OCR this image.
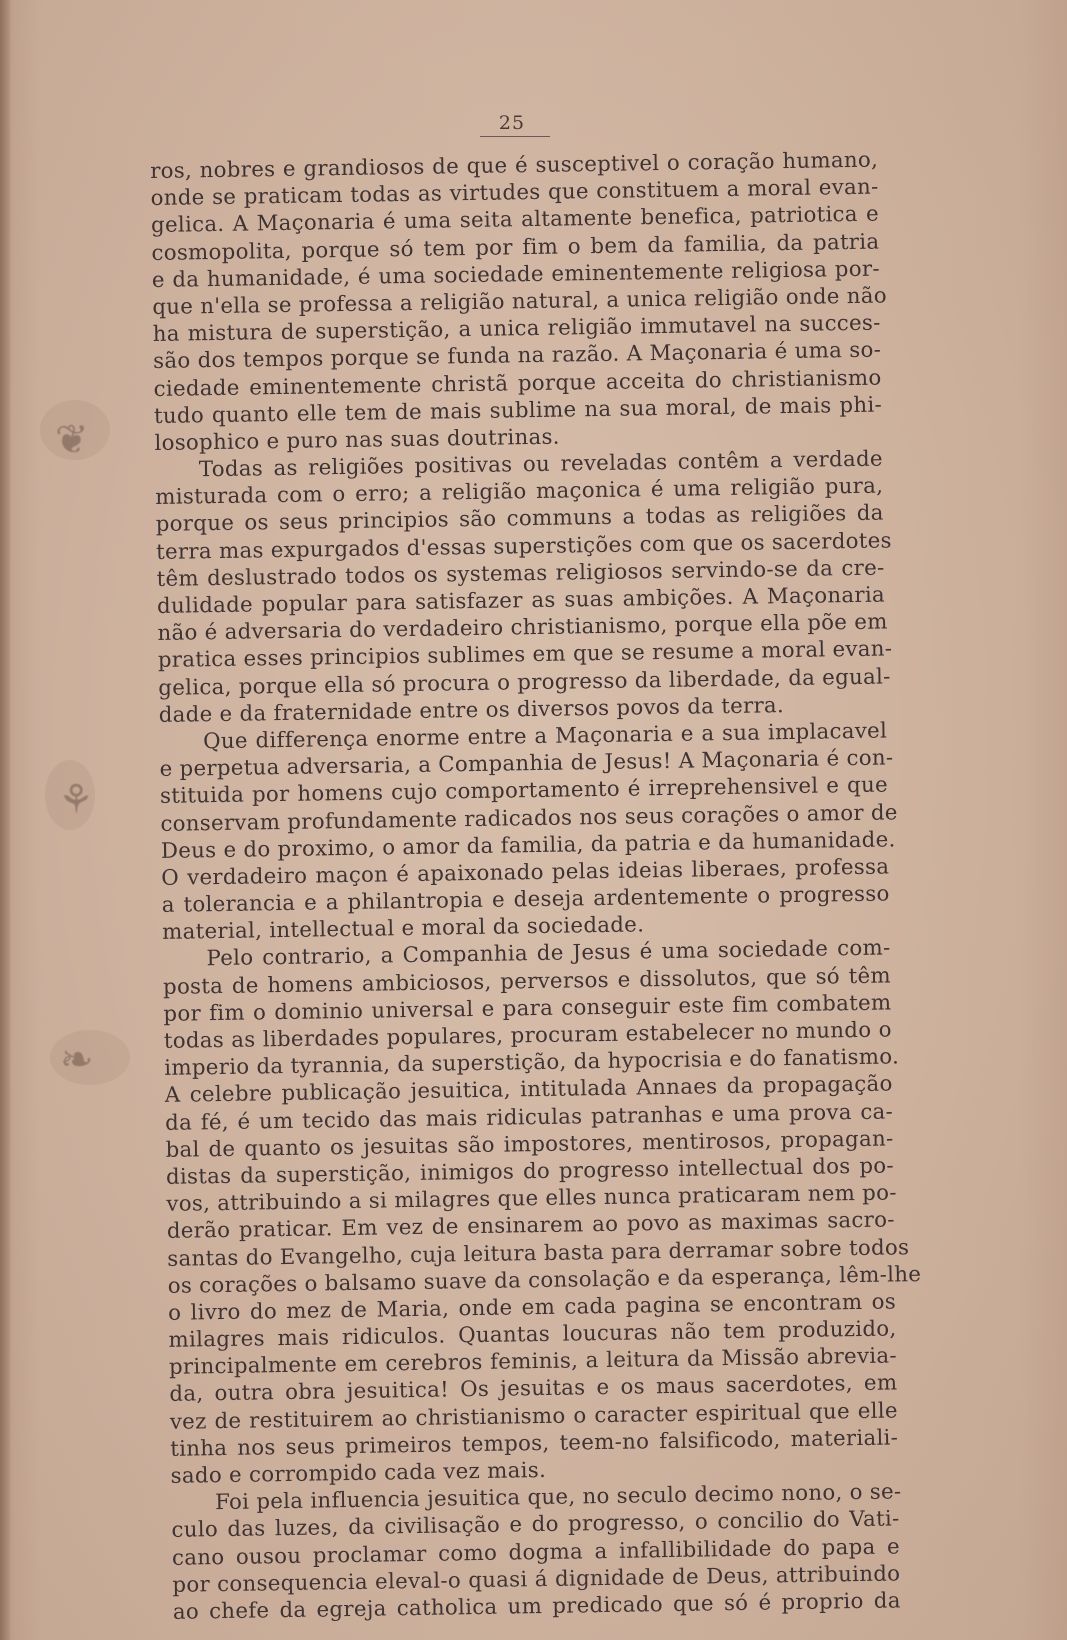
❦
⚘
❧
25
ros, nobres e grandiosos de que é susceptivel o coração humano,
onde se praticam todas as virtudes que constituem a moral evan-
gelica. A Maçonaria é uma seita altamente benefica, patriotica e
cosmopolita, porque só tem por fim o bem da familia, da patria
e da humanidade, é uma sociedade eminentemente religiosa por-
que n'ella se professa a religião natural, a unica religião onde não
ha mistura de superstição, a unica religião immutavel na succes-
são dos tempos porque se funda na razão. A Maçonaria é uma so-
ciedade eminentemente christã porque acceita do christianismo
tudo quanto elle tem de mais sublime na sua moral, de mais phi-
losophico e puro nas suas doutrinas.
Todas as religiões positivas ou reveladas contêm a verdade
misturada com o erro; a religião maçonica é uma religião pura,
porque os seus principios são communs a todas as religiões da
terra mas expurgados d'essas superstições com que os sacerdotes
têm deslustrado todos os systemas religiosos servindo-se da cre-
dulidade popular para satisfazer as suas ambições. A Maçonaria
não é adversaria do verdadeiro christianismo, porque ella põe em
pratica esses principios sublimes em que se resume a moral evan-
gelica, porque ella só procura o progresso da liberdade, da egual-
dade e da fraternidade entre os diversos povos da terra.
Que differença enorme entre a Maçonaria e a sua implacavel
e perpetua adversaria, a Companhia de Jesus! A Maçonaria é con-
stituida por homens cujo comportamento é irreprehensivel e que
conservam profundamente radicados nos seus corações o amor de
Deus e do proximo, o amor da familia, da patria e da humanidade.
O verdadeiro maçon é apaixonado pelas ideias liberaes, professa
a tolerancia e a philantropia e deseja ardentemente o progresso
material, intellectual e moral da sociedade.
Pelo contrario, a Companhia de Jesus é uma sociedade com-
posta de homens ambiciosos, perversos e dissolutos, que só têm
por fim o dominio universal e para conseguir este fim combatem
todas as liberdades populares, procuram estabelecer no mundo o
imperio da tyrannia, da superstição, da hypocrisia e do fanatismo.
A celebre publicação jesuitica, intitulada Annaes da propagação
da fé, é um tecido das mais ridiculas patranhas e uma prova ca-
bal de quanto os jesuitas são impostores, mentirosos, propagan-
distas da superstição, inimigos do progresso intellectual dos po-
vos, attribuindo a si milagres que elles nunca praticaram nem po-
derão praticar. Em vez de ensinarem ao povo as maximas sacro-
santas do Evangelho, cuja leitura basta para derramar sobre todos
os corações o balsamo suave da consolação e da esperança, lêm-lhe
o livro do mez de Maria, onde em cada pagina se encontram os
milagres mais ridiculos. Quantas loucuras não tem produzido,
principalmente em cerebros feminis, a leitura da Missão abrevia-
da, outra obra jesuitica! Os jesuitas e os maus sacerdotes, em
vez de restituirem ao christianismo o caracter espiritual que elle
tinha nos seus primeiros tempos, teem-no falsificodo, materiali-
sado e corrompido cada vez mais.
Foi pela influencia jesuitica que, no seculo decimo nono, o se-
culo das luzes, da civilisação e do progresso, o concilio do Vati-
cano ousou proclamar como dogma a infallibilidade do papa e
por consequencia eleval-o quasi á dignidade de Deus, attribuindo
ao chefe da egreja catholica um predicado que só é proprio da
